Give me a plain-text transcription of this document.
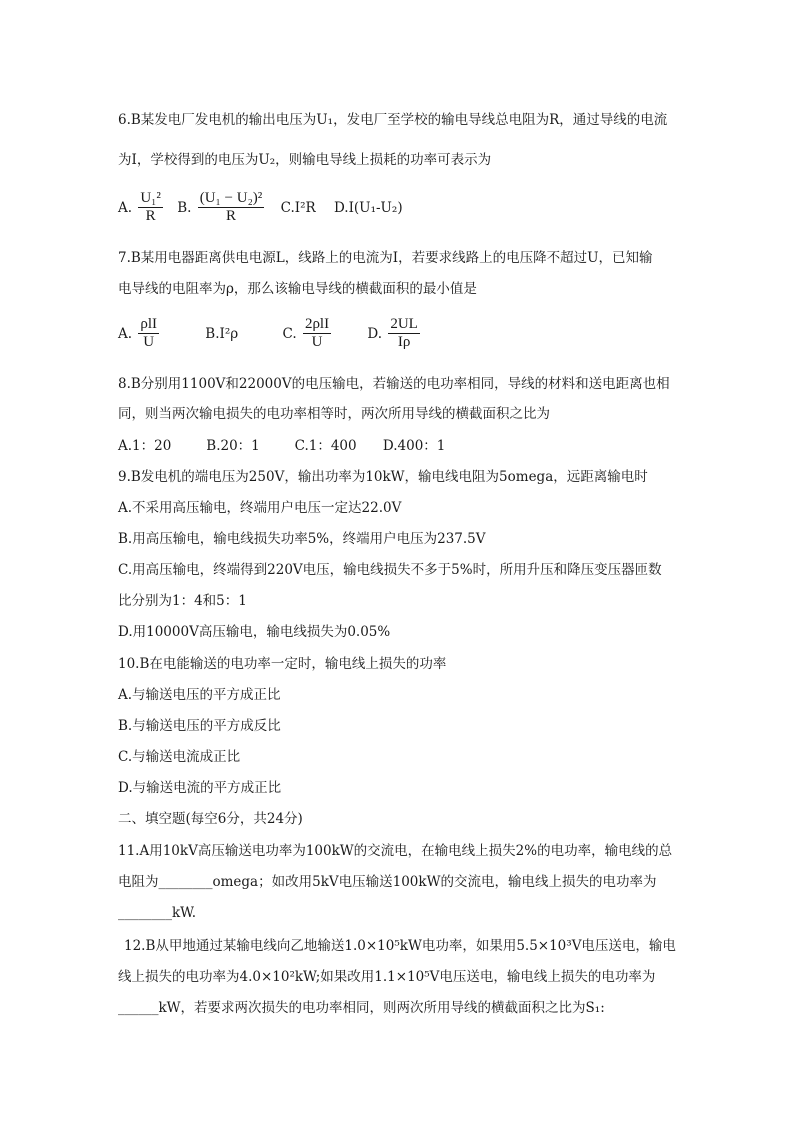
6.B某发电厂发电机的输出电压为U₁，发电厂至学校的输电导线总电阻为R，通过导线的电流
为I，学校得到的电压为U₂，则输电导线上损耗的功率可表示为
A. $\frac{\text{U₁²}}{R} B$. $\frac{\text{(U₁ − U₂)²}}{R} C.I^2R$ D.I(U₁-U₂)
7.B某用电器距离供电电源L，线路上的电流为I，若要求线路上的电压降不超过U，已知输
电导线的电阻率为ρ，那么该输电导线的横截面积的最小值是
A. $\frac{\text{ρlI}}{U}$	B.I²ρ	C. $\frac{\text{2ρlI}}{U}$	D. $\frac{2UL}{I\rho}$
8.B分别用1100V和22000V的电压输电，若输送的电功率相同，导线的材料和送电距离也相
同，则当两次输电损失的电功率相等时，两次所用导线的横截面积之比为
A.1：20	B.20：1	C.1：400 D.400：1
9.B发电机的端电压为250V，输出功率为10kW，输电线电阻为5omega，远距离输电时
A.不采用高压输电，终端用户电压一定达22.0V
B.用高压输电，输电线损失功率5%，终端用户电压为237.5V
C.用高压输电，终端得到220V电压，输电线损失不多于5%时，所用升压和降压变压器匝数
比分别为1：4和5：1
D.用10000V高压输电，输电线损失为0.05%
10.B在电能输送的电功率一定时，输电线上损失的功率
A.与输送电压的平方成正比
B.与输送电压的平方成反比
C.与输送电流成正比
D.与输送电流的平方成正比
二、填空题(每空6分，共24分)
11.A用10kV高压输送电功率为100kW的交流电，在输电线上损失2%的电功率，输电线的总
电阻为________omega；如改用5kV电压输送100kW的交流电，输电线上损失的电功率为
________kW.
12.B从甲地通过某输电线向乙地输送1.0×10⁵kW电功率，如果用5.5×10³V电压送电，输电
线上损失的电功率为4.0×10²kW;如果改用1.1×10⁵V电压送电，输电线上损失的电功率为
______kW，若要求两次损失的电功率相同，则两次所用导线的横截面积之比为S₁:
